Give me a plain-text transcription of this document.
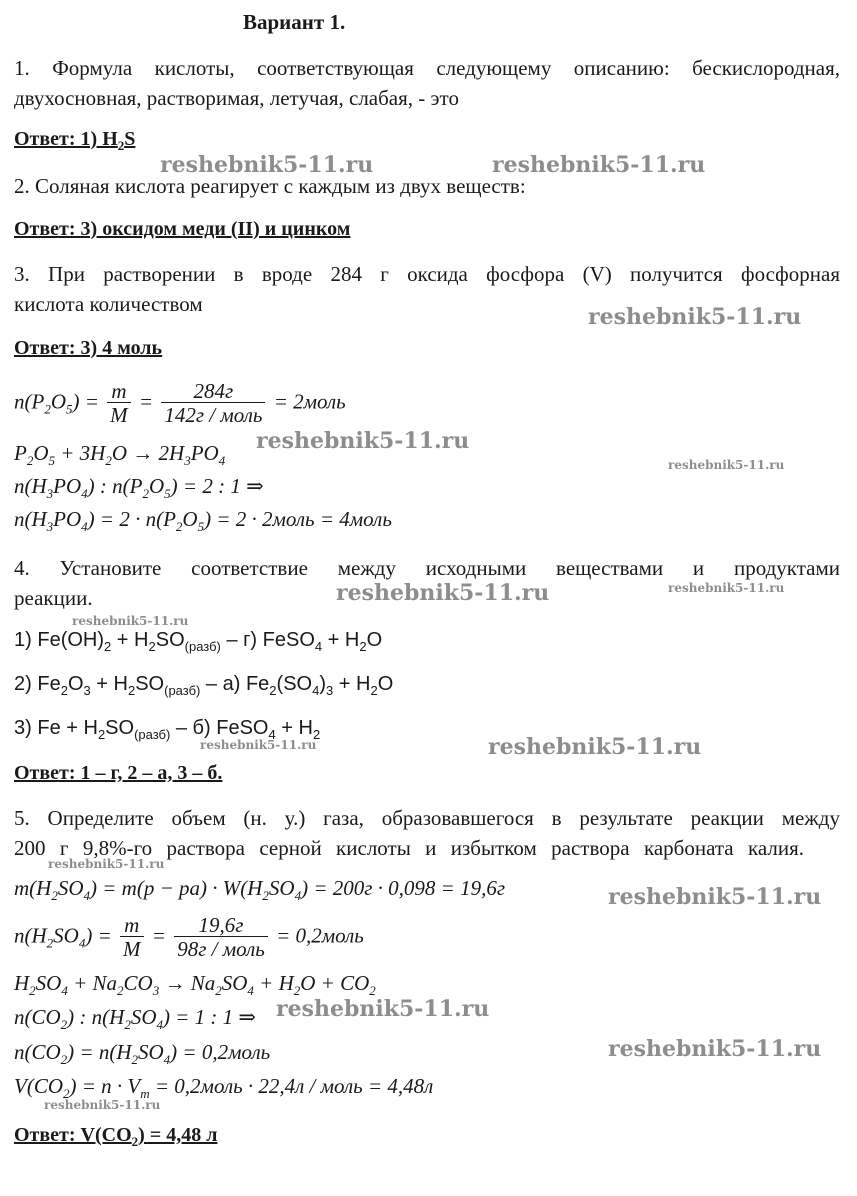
Вариант 1.
1. Формула кислоты, соответствующая следующему описанию: бескислородная,
двухосновная, растворимая, летучая, слабая, - это
Ответ: 1) $H_2S$
2. Соляная кислота реагирует с каждым из двух веществ:
Ответ: 3) оксидом меди (II) и цинком
3. При растворении в вроде 284 г оксида фосфора (V) получится фосфорная
кислота количеством
Ответ: 3) 4 моль
$n(P_2O_5) = \frac{m}{M} = \frac{284г}{\text{142г / моль}}$ = 2моль
$P_2O_5 + 3H_2O \to 2H_3PO_4$
$n(H_3PO_4)$ : $n(P_2O_5) = 2$ : 1 ⇒
$n(H_3PO_4) = 2 \cdot n(P_2O_5) = 2$ · 2моль = 4моль
4. Установите соответствие между исходными веществами и продуктами
реакции.
1) $Fe(OH)_2 + H_2SO_{(разб)} - г$) FeSO$_4$ + $H_2O$
2) $Fe_2O_3 + H_2SO_{(разб)} - а$) $Fe_2(SO_4)_3 + H_2O$
3) $Fe + H_2SO_{(разб)} - б$) FeSO$_4$ + $H_2$
Ответ: 1 – г, 2 – а, 3 – б.
5. Определите объем (н. у.) газа, образовавшегося в результате реакции между
200 г 9,8%-го раствора серной кислоты и избытком раствора карбоната калия.
$m(H_2SO_4) = m(p - pa) \cdot W(H_2SO_4) = 200г \cdot 0,098 = 19,6г$
$n(H_2SO_4) = \frac{m}{M} = \frac{19,6г}{\text{98г / моль}}$ = 0,2моль
$H_2SO_4 + Na_2CO_3 \to Na_2SO_4 + H_2O + CO_2$
$n(CO_2)$ : $n(H_2SO_4) = 1$ : 1 ⇒
$n(CO_2) = n(H_2SO_4)$ = 0,2моль
$V(CO_2) = n \cdot V_m$ = 0,2моль · 22,4л / моль = 4,48л
Ответ: $V(CO_2) = 4,48$ л
reshebnik5-11.ru	reshebnik5-11.ru
reshebnik5-11.ru
reshebnik5-11.ru
reshebnik5-11.ru
reshebnik5-11.ru	reshebnik5-11.ru
reshebnik5-11.ru
reshebnik5-11.ru	reshebnik5-11.ru
reshebnik5-11.ru
reshebnik5-11.ru
reshebnik5-11.ru
reshebnik5-11.ru
reshebnik5-11.ru
